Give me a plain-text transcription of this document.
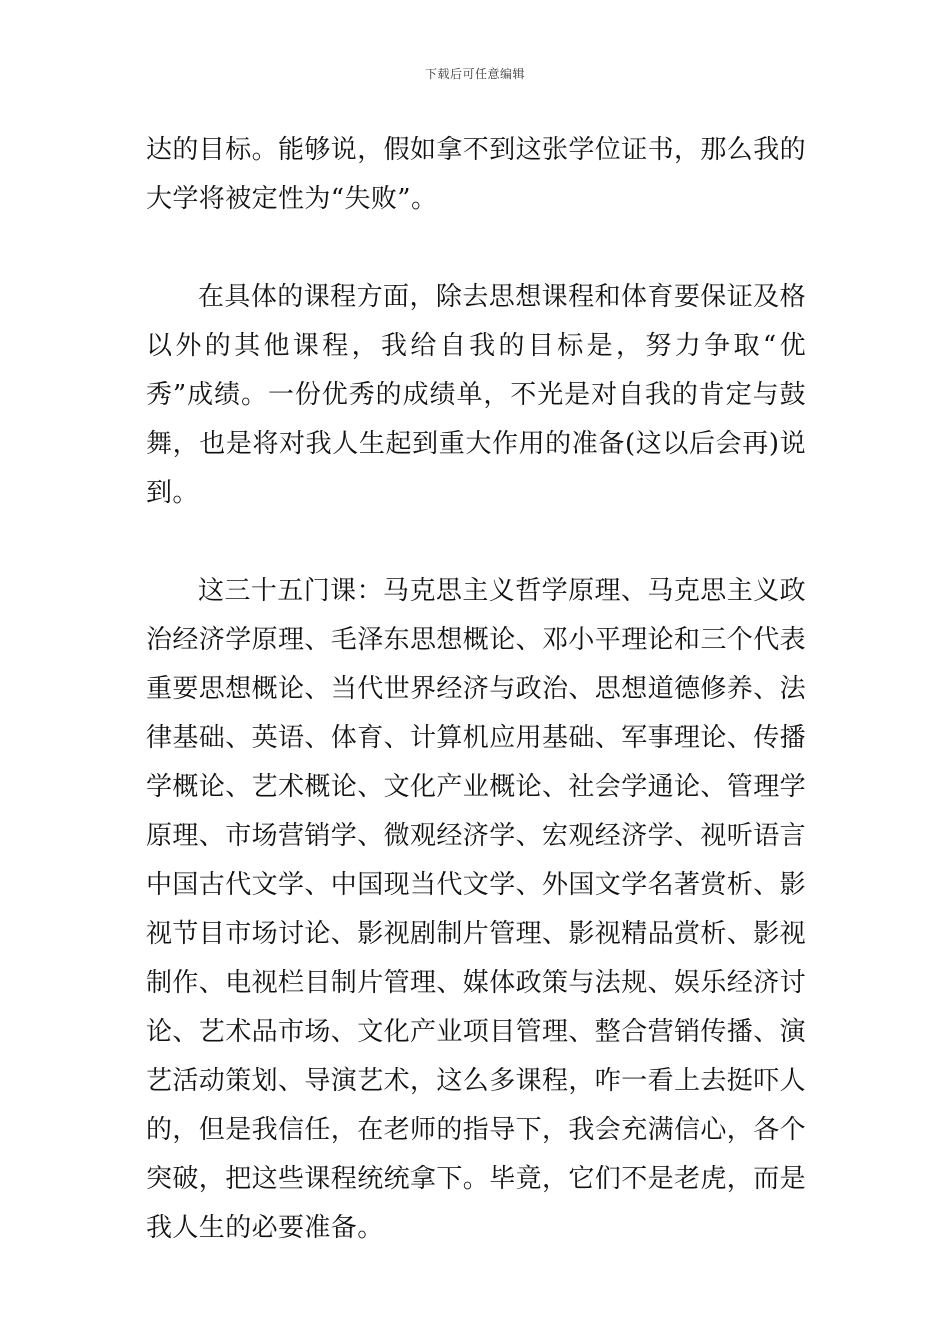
下载后可任意编辑

达的目标。能够说，假如拿不到这张学位证书，那么我的大学将被定性为“失败”。

在具体的课程方面，除去思想课程和体育要保证及格以外的其他课程，我给自我的目标是，努力争取“优秀”成绩。一份优秀的成绩单，不光是对自我的肯定与鼓舞，也是将对我人生起到重大作用的准备(这以后会再)说到。

这三十五门课：马克思主义哲学原理、马克思主义政治经济学原理、毛泽东思想概论、邓小平理论和三个代表重要思想概论、当代世界经济与政治、思想道德修养、法律基础、英语、体育、计算机应用基础、军事理论、传播学概论、艺术概论、文化产业概论、社会学通论、管理学原理、市场营销学、微观经济学、宏观经济学、视听语言中国古代文学、中国现当代文学、外国文学名著赏析、影视节目市场讨论、影视剧制片管理、影视精品赏析、影视制作、电视栏目制片管理、媒体政策与法规、娱乐经济讨论、艺术品市场、文化产业项目管理、整合营销传播、演艺活动策划、导演艺术，这么多课程，咋一看上去挺吓人的，但是我信任，在老师的指导下，我会充满信心，各个突破，把这些课程统统拿下。毕竟，它们不是老虎，而是我人生的必要准备。
